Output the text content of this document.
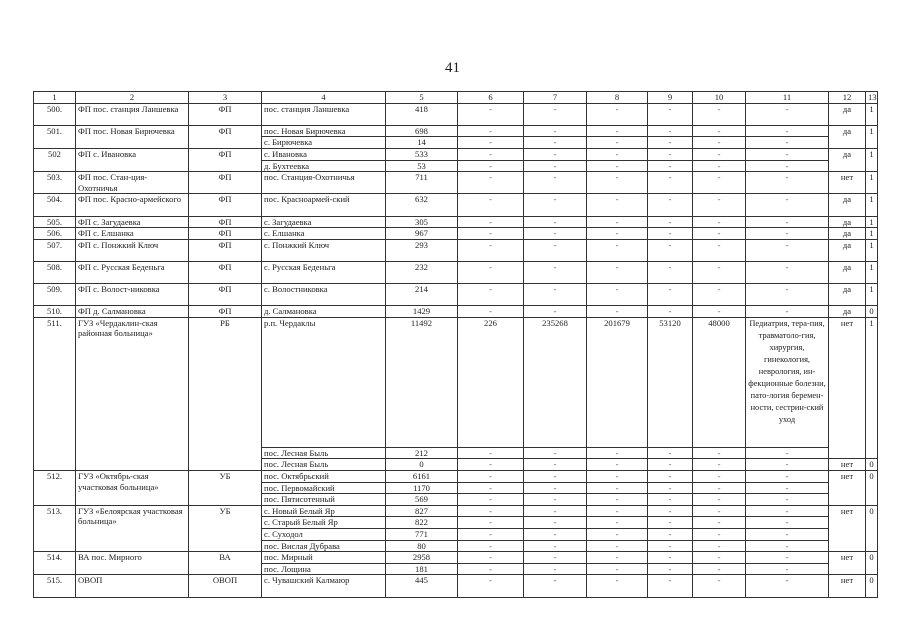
41
1	2	3	4	5	6	7	8	9	10	11	12	13
500.	ФП пос. станция Ланшевка	ФП	пос. станция Ланшевка	418	-	-	-	-	-	-	да	1
501.	ФП пос. Новая Бирючевка	ФП	пос. Новая Бирючевка	698	-	-	-	-	-	-	да	1
			с. Бирючевка	14	-	-	-	-	-	-		
502	ФП с. Ивановка	ФП	с. Ивановка	533	-	-	-	-	-	-	да	1
			д. Бухтеевка	53	-	-	-	-	-	-		
503.	ФП пос. Стан-ция-Охотничья	ФП	пос. Станция-Охотничья	711	-	-	-	-	-	-	нет	1
504.	ФП пос. Красно-армейского	ФП	пос. Красноармей-ский	632	-	-	-	-	-	-	да	1
505.	ФП с. Загудаевка	ФП	с. Загудаевка	305	-	-	-	-	-	-	да	1
506.	ФП с. Елшанка	ФП	с. Елшанка	967	-	-	-	-	-	-	да	1
507.	ФП с. Понжкий Ключ	ФП	с. Понжкий Ключ	293	-	-	-	-	-	-	да	1
508.	ФП с. Русская Беденьга	ФП	с. Русская Беденьга	232	-	-	-	-	-	-	да	1
509.	ФП с. Волост-никовка	ФП	с. Волостниковка	214	-	-	-	-	-	-	да	1
510.	ФП д. Салмановка	ФП	д. Салмановка	1429	-	-	-	-	-	-	да	0
511.	ГУЗ «Чердаклин-ская районная больница»	РБ	р.п. Чердаклы	11492	226	235268	201679	53120	48000	Педиатрия, тера-пия, травматоло-гия, хирургия, гинекология, неврология, ин-фекционные болезни, пато-логия беремен-ности, сестрин-ский уход	нет	1
			пос. Лесная Быль	212	-	-	-	-	-	-		
			пос. Лесная Быль	0	-	-	-	-	-	-	нет	0
512.	ГУЗ «Октябрь-ская участковая больница»	УБ	пос. Октябрьский	6161	-	-	-	-	-	-	нет	0
			пос. Первомайский	1170	-	-	-	-	-	-		
			пос. Пятисотенный	569	-	-	-	-	-	-		
513.	ГУЗ «Белоярская участковая больница»	УБ	с. Новый Белый Яр	827	-	-	-	-	-	-	нет	0
			с. Старый Белый Яр	822	-	-	-	-	-	-		
			с. Суходол	771	-	-	-	-	-	-		
			пос. Вислая Дубрава	80	-	-	-	-	-	-		
514.	ВА пос. Мирного	ВА	пос. Мирный	2958	-	-	-	-	-	-	нет	0
			пос. Лощина	181	-	-	-	-	-	-		
515.	ОВОП	ОВОП	с. Чувашский Калмаюр	445	-	-	-	-	-	-	нет	0
